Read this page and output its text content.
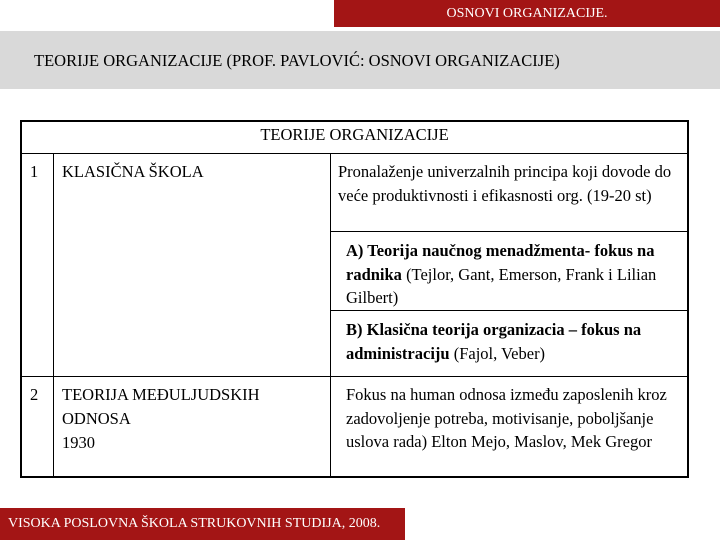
OSNOVI ORGANIZACIJE.
TEORIJE ORGANIZACIJE (PROF. PAVLOVIĆ: OSNOVI ORGANIZACIJE)
TEORIJE ORGANIZACIJE
1 KLASIČNA ŠKOLA	Pronalaženje univerzalnih principa koji dovode do veće produktivnosti i efikasnosti org. (19-20 st)
A) Teorija naučnog menadžmenta- fokus na radnika (Tejlor, Gant, Emerson, Frank i Lilian Gilbert)
B) Klasična teorija organizacia – fokus na administraciju (Fajol, Veber)
2 TEORIJA MEĐULJUDSKIH
ODNOSA
1930
Fokus na human odnosa između zaposlenih kroz zadovoljenje potreba, motivisanje, poboljšanje uslova rada) Elton Mejo, Maslov, Mek Gregor
VISOKA POSLOVNA ŠKOLA STRUKOVNIH STUDIJA, 2008.
